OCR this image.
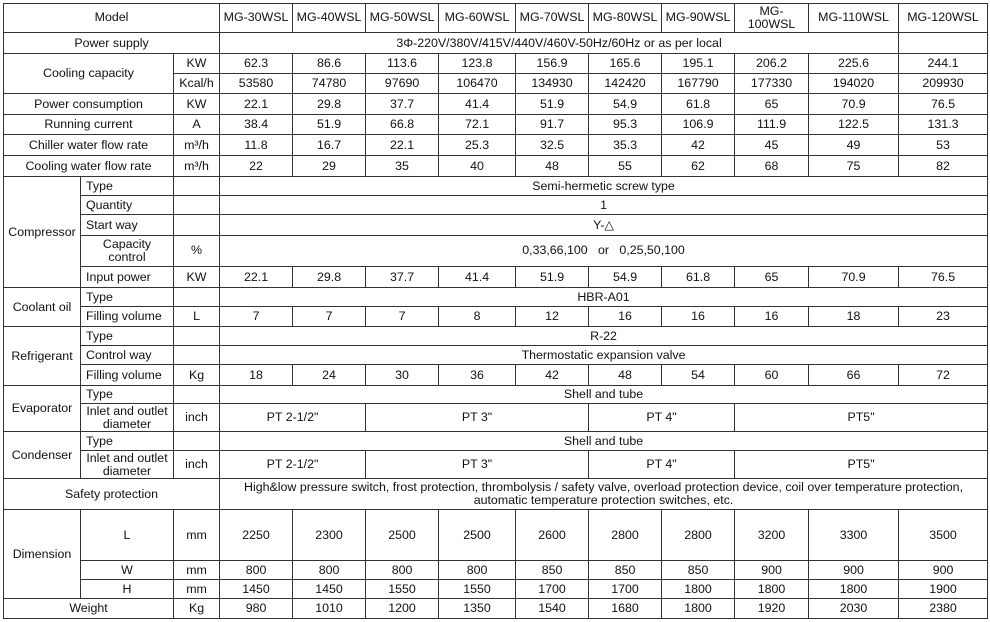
Model			MG-30WSL	MG-40WSL	MG-50WSL	MG-60WSL	MG-70WSL	MG-80WSL	MG-90WSL	MG-100WSL	MG-110WSL	MG-120WSL
Power supply			3Φ-220V/380V/415V/440V/460V-50Hz/60Hz or as per local									
Cooling capacity		KW	62.3	86.6	113.6	123.8	156.9	165.6	195.1	206.2	225.6	244.1
		Kcal/h	53580	74780	97690	106470	134930	142420	167790	177330	194020	209930
Power consumption		KW	22.1	29.8	37.7	41.4	51.9	54.9	61.8	65	70.9	76.5
Running current		A	38.4	51.9	66.8	72.1	91.7	95.3	106.9	111.9	122.5	131.3
Chiller water flow rate		m³/h	11.8	16.7	22.1	25.3	32.5	35.3	42	45	49	53
Cooling water flow rate		m³/h	22	29	35	40	48	55	62	68	75	82
Compressor	Type		Semi-hermetic screw type									
	Quantity		1									
	Start way		Y-△									
	Capacity control	%	0,33,66,100   or   0,25,50,100									
	Input power	KW	22.1	29.8	37.7	41.4	51.9	54.9	61.8	65	70.9	76.5
Coolant oil	Type		HBR-A01									
	Filling volume	L	7	7	7	8	12	16	16	16	18	23
Refrigerant	Type		R-22									
	Control way		Thermostatic expansion valve									
	Filling volume	Kg	18	24	30	36	42	48	54	60	66	72
Evaporator	Type		Shell and tube									
	Inlet and outlet diameter	inch	PT 2-1/2"		PT 3"			PT 4"		PT5"		
Condenser	Type		Shell and tube									
	Inlet and outlet diameter	inch	PT 2-1/2"		PT 3"			PT 4"		PT5"		
Safety protection			High&low pressure switch, frost protection, thrombolysis / safety valve, overload protection device, coil over temperature protection, automatic temperature protection switches, etc.									
Dimension	L	mm	2250	2300	2500	2500	2600	2800	2800	3200	3300	3500
	W	mm	800	800	800	800	850	850	850	900	900	900
	H	mm	1450	1450	1550	1550	1700	1700	1800	1800	1800	1900
Weight		Kg	980	1010	1200	1350	1540	1680	1800	1920	2030	2380
